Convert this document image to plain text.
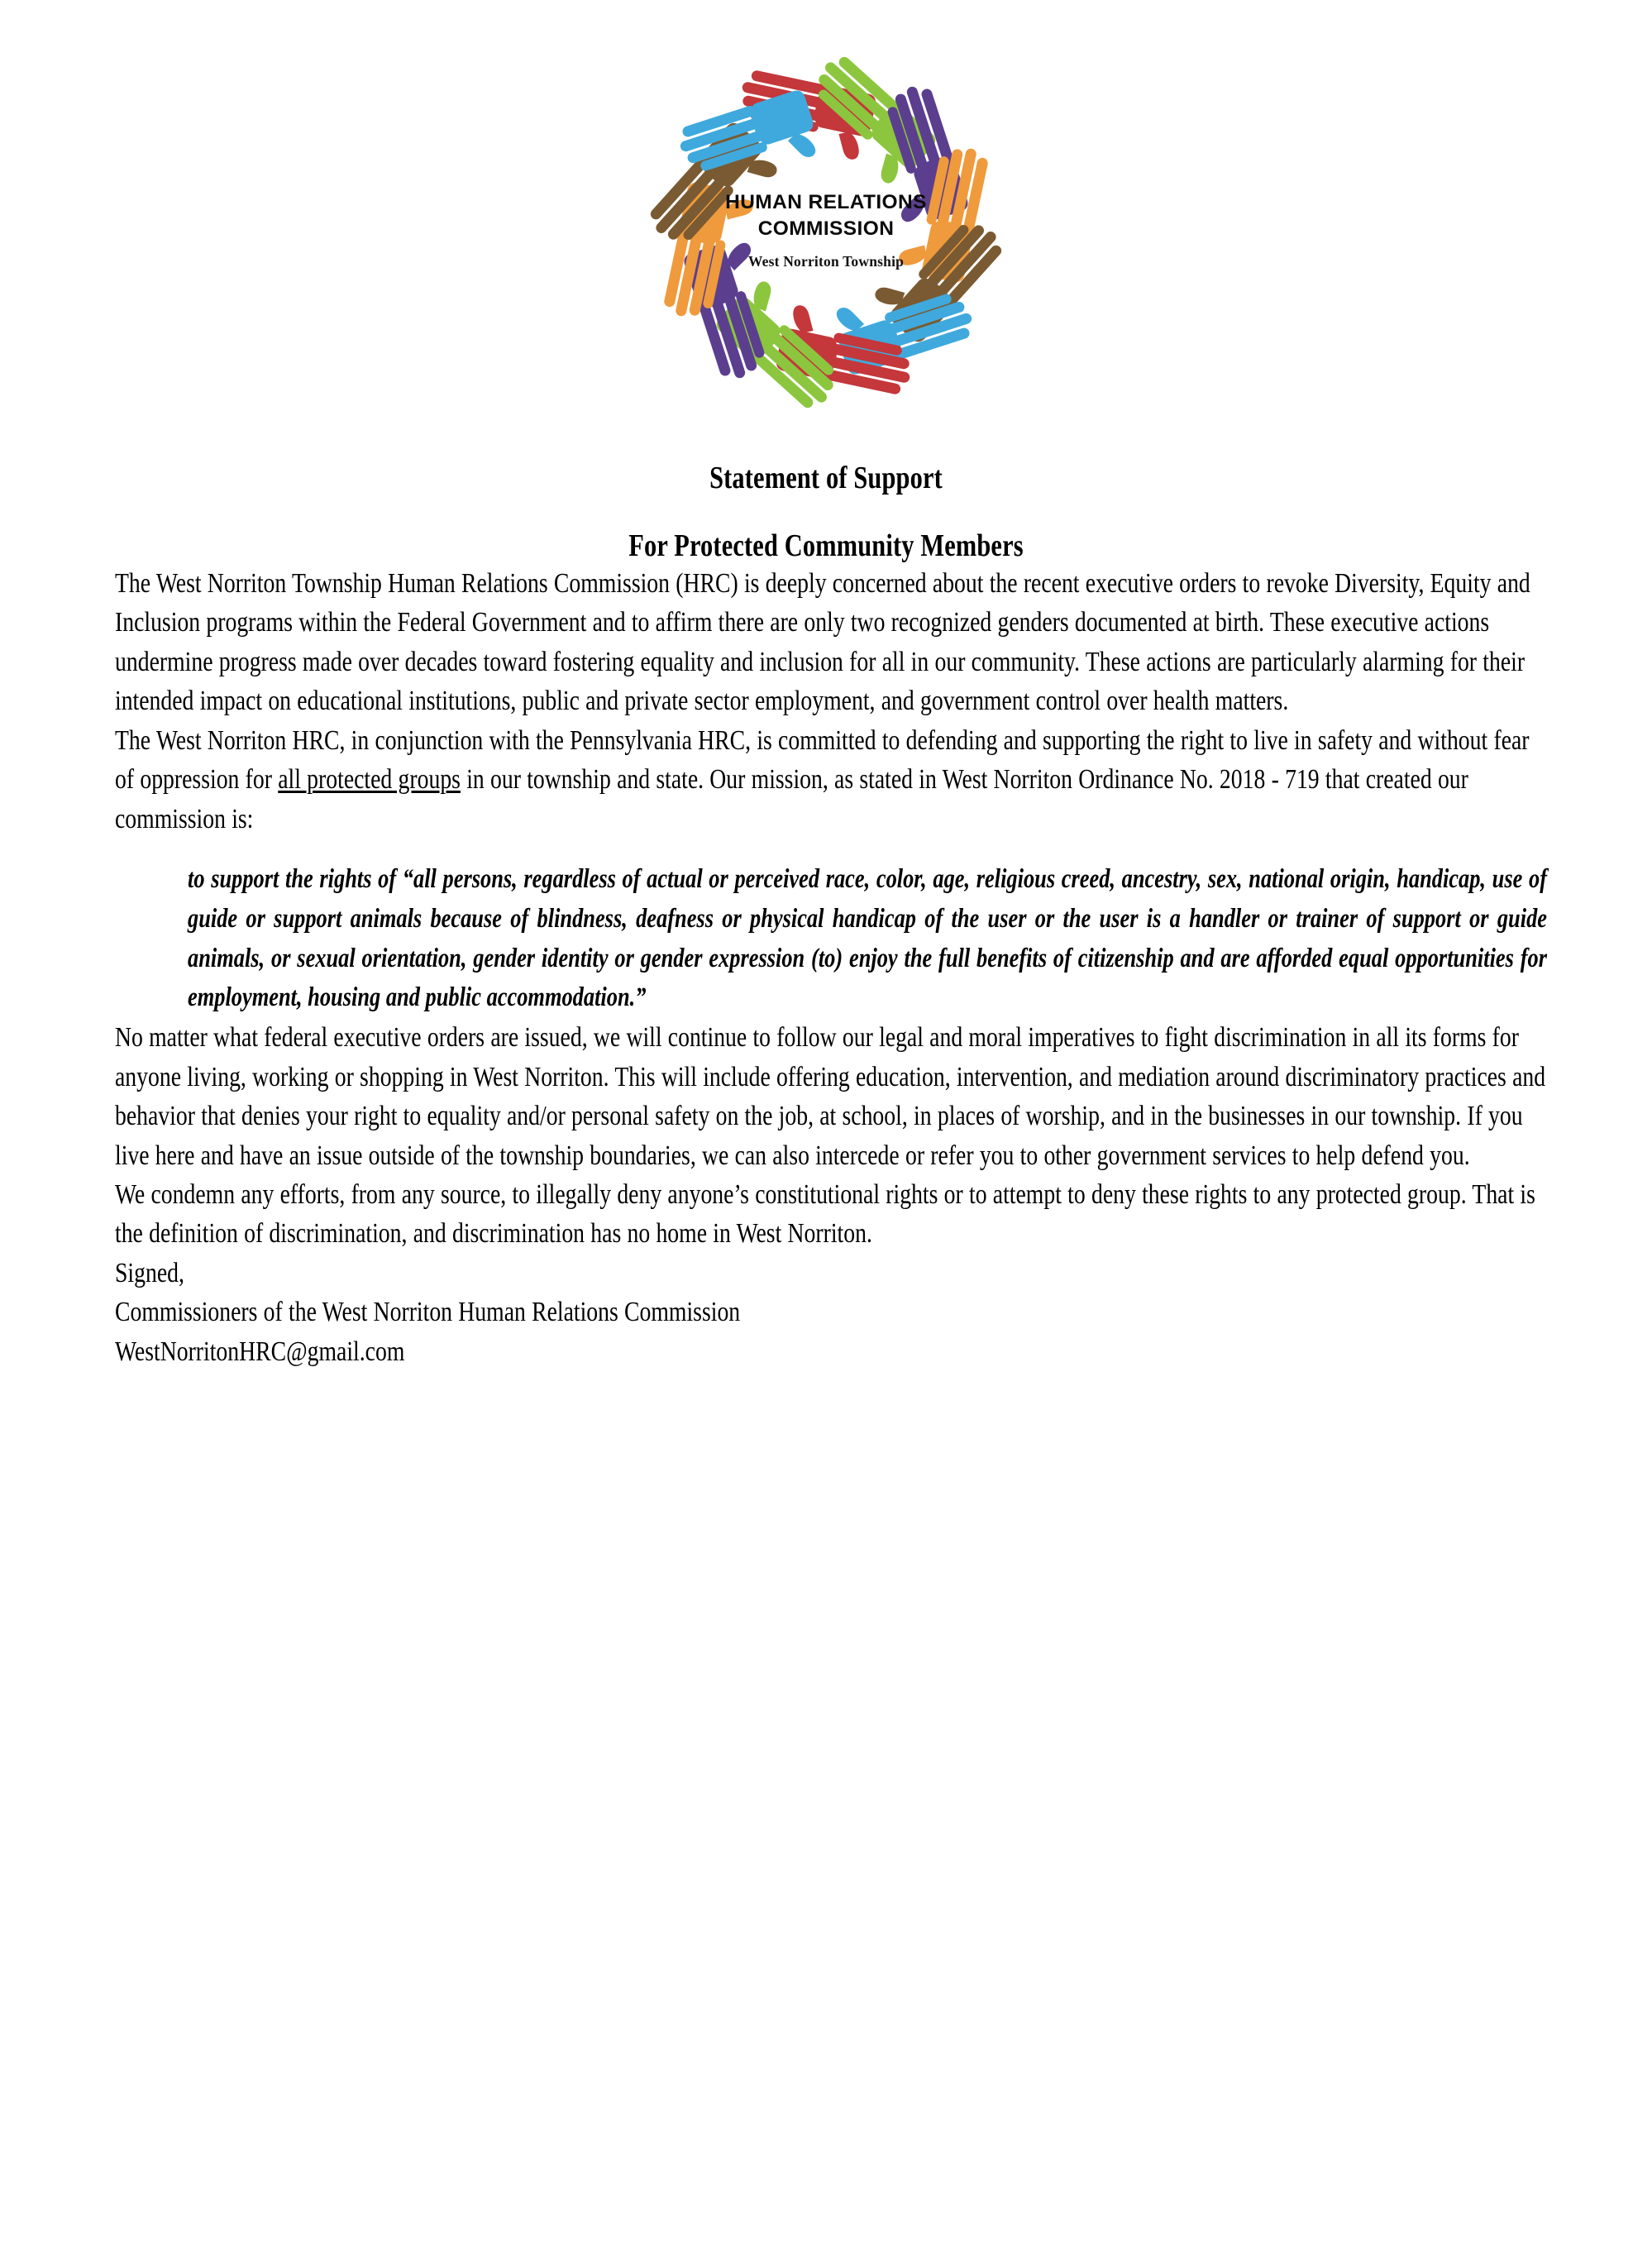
HUMAN RELATIONS
COMMISSION
West Norriton Township
Statement of Support
For Protected Community Members

The West Norriton Township Human Relations Commission (HRC) is deeply concerned about the recent executive orders to revoke Diversity, Equity and Inclusion programs within the Federal Government and to affirm there are only two recognized genders documented at birth. These executive actions undermine progress made over decades toward fostering equality and inclusion for all in our community. These actions are particularly alarming for their intended impact on educational institutions, public and private sector employment, and government control over health matters.

The West Norriton HRC, in conjunction with the Pennsylvania HRC, is committed to defending and supporting the right to live in safety and without fear of oppression for all protected groups in our township and state. Our mission, as stated in West Norriton Ordinance No. 2018 - 719 that created our commission is:

to support the rights of “all persons, regardless of actual or perceived race, color, age, religious creed, ancestry, sex, national origin, handicap, use of guide or support animals because of blindness, deafness or physical handicap of the user or the user is a handler or trainer of support or guide animals, or sexual orientation, gender identity or gender expression (to) enjoy the full benefits of citizenship and are afforded equal opportunities for employment, housing and public accommodation.”

No matter what federal executive orders are issued, we will continue to follow our legal and moral imperatives to fight discrimination in all its forms for anyone living, working or shopping in West Norriton. This will include offering education, intervention, and mediation around discriminatory practices and behavior that denies your right to equality and/or personal safety on the job, at school, in places of worship, and in the businesses in our township. If you live here and have an issue outside of the township boundaries, we can also intercede or refer you to other government services to help defend you.

We condemn any efforts, from any source, to illegally deny anyone’s constitutional rights or to attempt to deny these rights to any protected group. That is the definition of discrimination, and discrimination has no home in West Norriton.

Signed,

Commissioners of the West Norriton Human Relations Commission

WestNorritonHRC@gmail.com
